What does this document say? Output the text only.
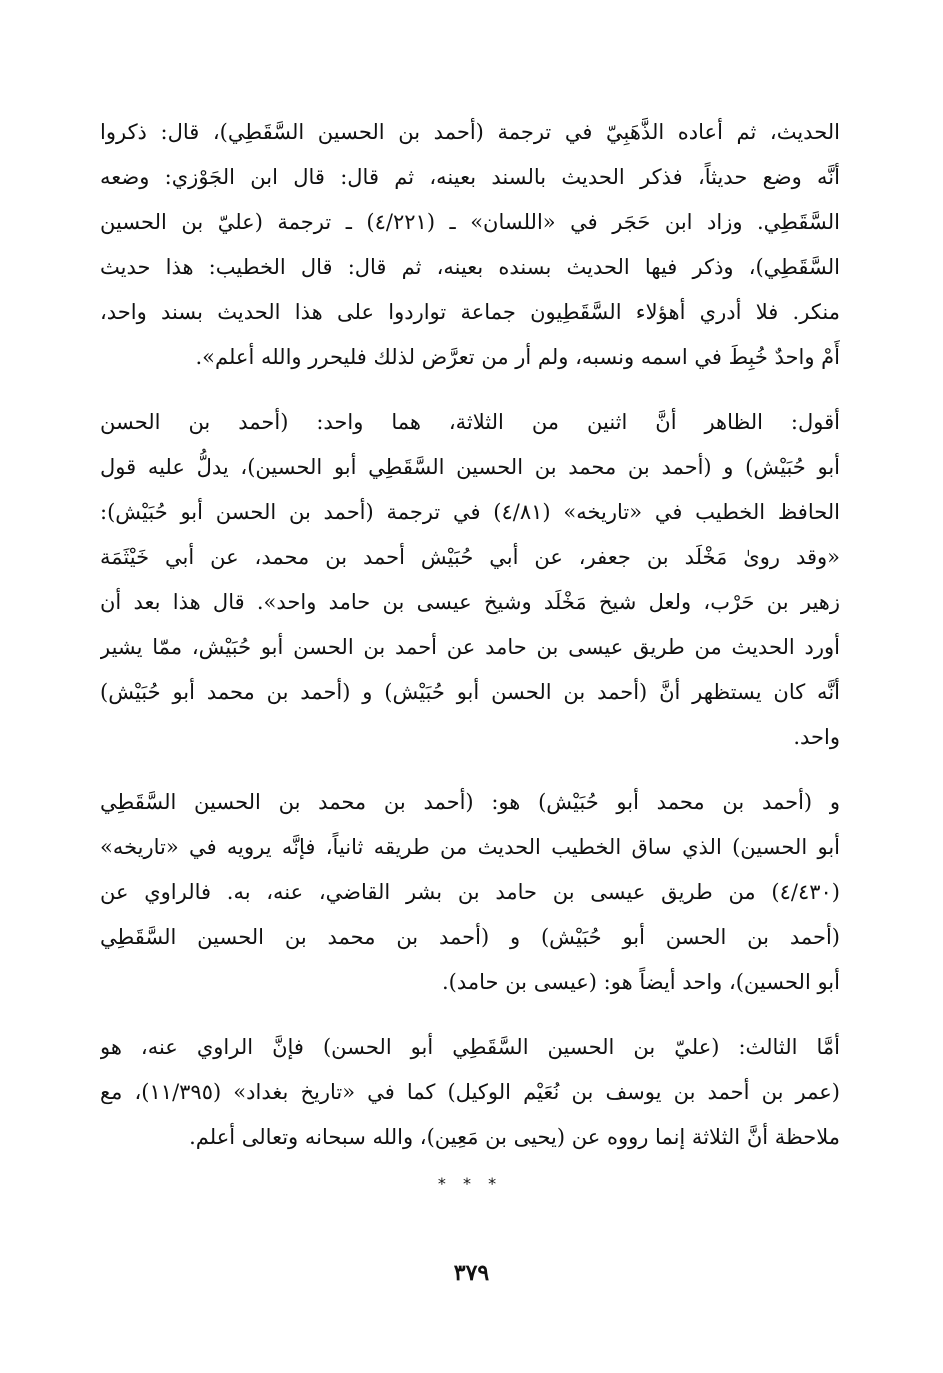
الحديث، ثم أعاده الذَّهَبِيّ في ترجمة (أحمد بن الحسين السَّقَطِي)، قال: ذكروا
أنَّه وضع حديثاً، فذكر الحديث بالسند بعينه، ثم قال: قال ابن الجَوْزي: وضعه
السَّقَطِي. وزاد ابن حَجَر في «اللسان» ـ (٤/٢٢١) ـ ترجمة (عليّ بن الحسين
السَّقَطِي)، وذكر فيها الحديث بسنده بعينه، ثم قال: قال الخطيب: هذا حديث
منكر. فلا أدري أهؤلاء السَّقَطِيون جماعة تواردوا على هذا الحديث بسند واحد،
أَمْ واحدٌ خُبِطَ في اسمه ونسبه، ولم أر من تعرَّض لذلك فليحرر والله أعلم».
أقول: الظاهر أنَّ اثنين من الثلاثة، هما واحد: (أحمد بن الحسن
أبو حُبَيْش) و (أحمد بن محمد بن الحسين السَّقَطِي أبو الحسين)، يدلُّ عليه قول
الحافظ الخطيب في «تاريخه» (٤/٨١) في ترجمة (أحمد بن الحسن أبو حُبَيْش):
«وقد روىٰ مَخْلَد بن جعفر، عن أبي حُبَيْش أحمد بن محمد، عن أبي خَيْثَمَة
زهير بن حَرْب، ولعل شيخ مَخْلَد وشيخ عيسى بن حامد واحد». قال هذا بعد أن
أورد الحديث من طريق عيسى بن حامد عن أحمد بن الحسن أبو حُبَيْش، ممّا يشير
أنَّه كان يستظهر أنَّ (أحمد بن الحسن أبو حُبَيْش) و (أحمد بن محمد أبو حُبَيْش)
واحد.
و (أحمد بن محمد أبو حُبَيْش) هو: (أحمد بن محمد بن الحسين السَّقَطِي
أبو الحسين) الذي ساق الخطيب الحديث من طريقه ثانياً، فإنَّه يرويه في «تاريخه»
(٤/٤٣٠) من طريق عيسى بن حامد بن بشر القاضي، عنه، به. فالراوي عن
(أحمد بن الحسن أبو حُبَيْش) و (أحمد بن محمد بن الحسين السَّقَطِي
أبو الحسين)، واحد أيضاً هو: (عيسى بن حامد).
أمَّا الثالث: (عليّ بن الحسين السَّقَطِي أبو الحسن) فإنَّ الراوي عنه، هو
(عمر بن أحمد بن يوسف بن نُعَيْم الوكيل) كما في «تاريخ بغداد» (١١/٣٩٥)، مع
ملاحظة أنَّ الثلاثة إنما رووه عن (يحيى بن مَعِين)، والله سبحانه وتعالى أعلم.
* * *
٣٧٩
